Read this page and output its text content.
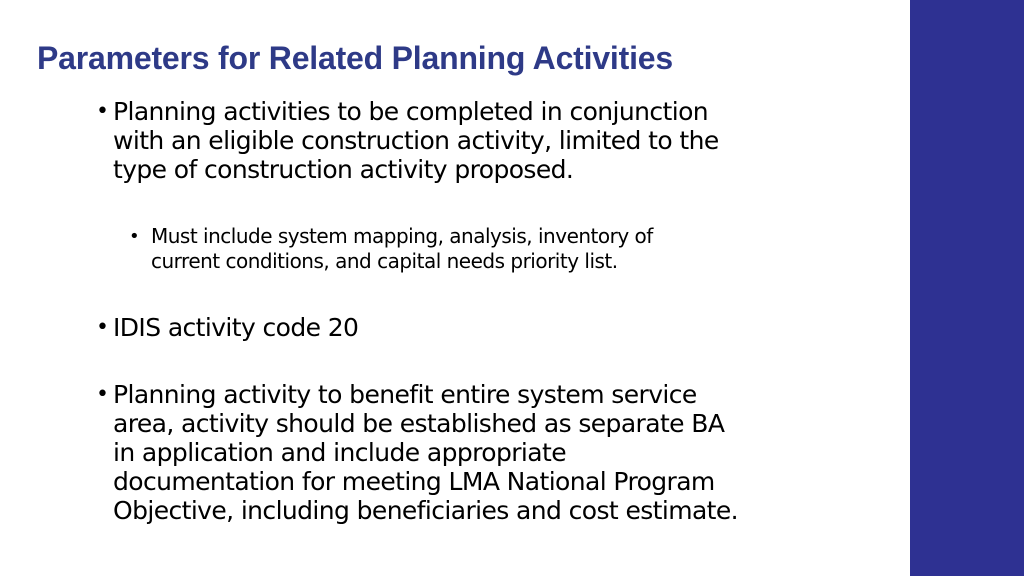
Parameters for Related Planning Activities
• Planning activities to be completed in conjunction
with an eligible construction activity, limited to the
type of construction activity proposed.
• Must include system mapping, analysis, inventory of
current conditions, and capital needs priority list.
• IDIS activity code 20
• Planning activity to benefit entire system service
area, activity should be established as separate BA
in application and include appropriate
documentation for meeting LMA National Program
Objective, including beneficiaries and cost estimate.
